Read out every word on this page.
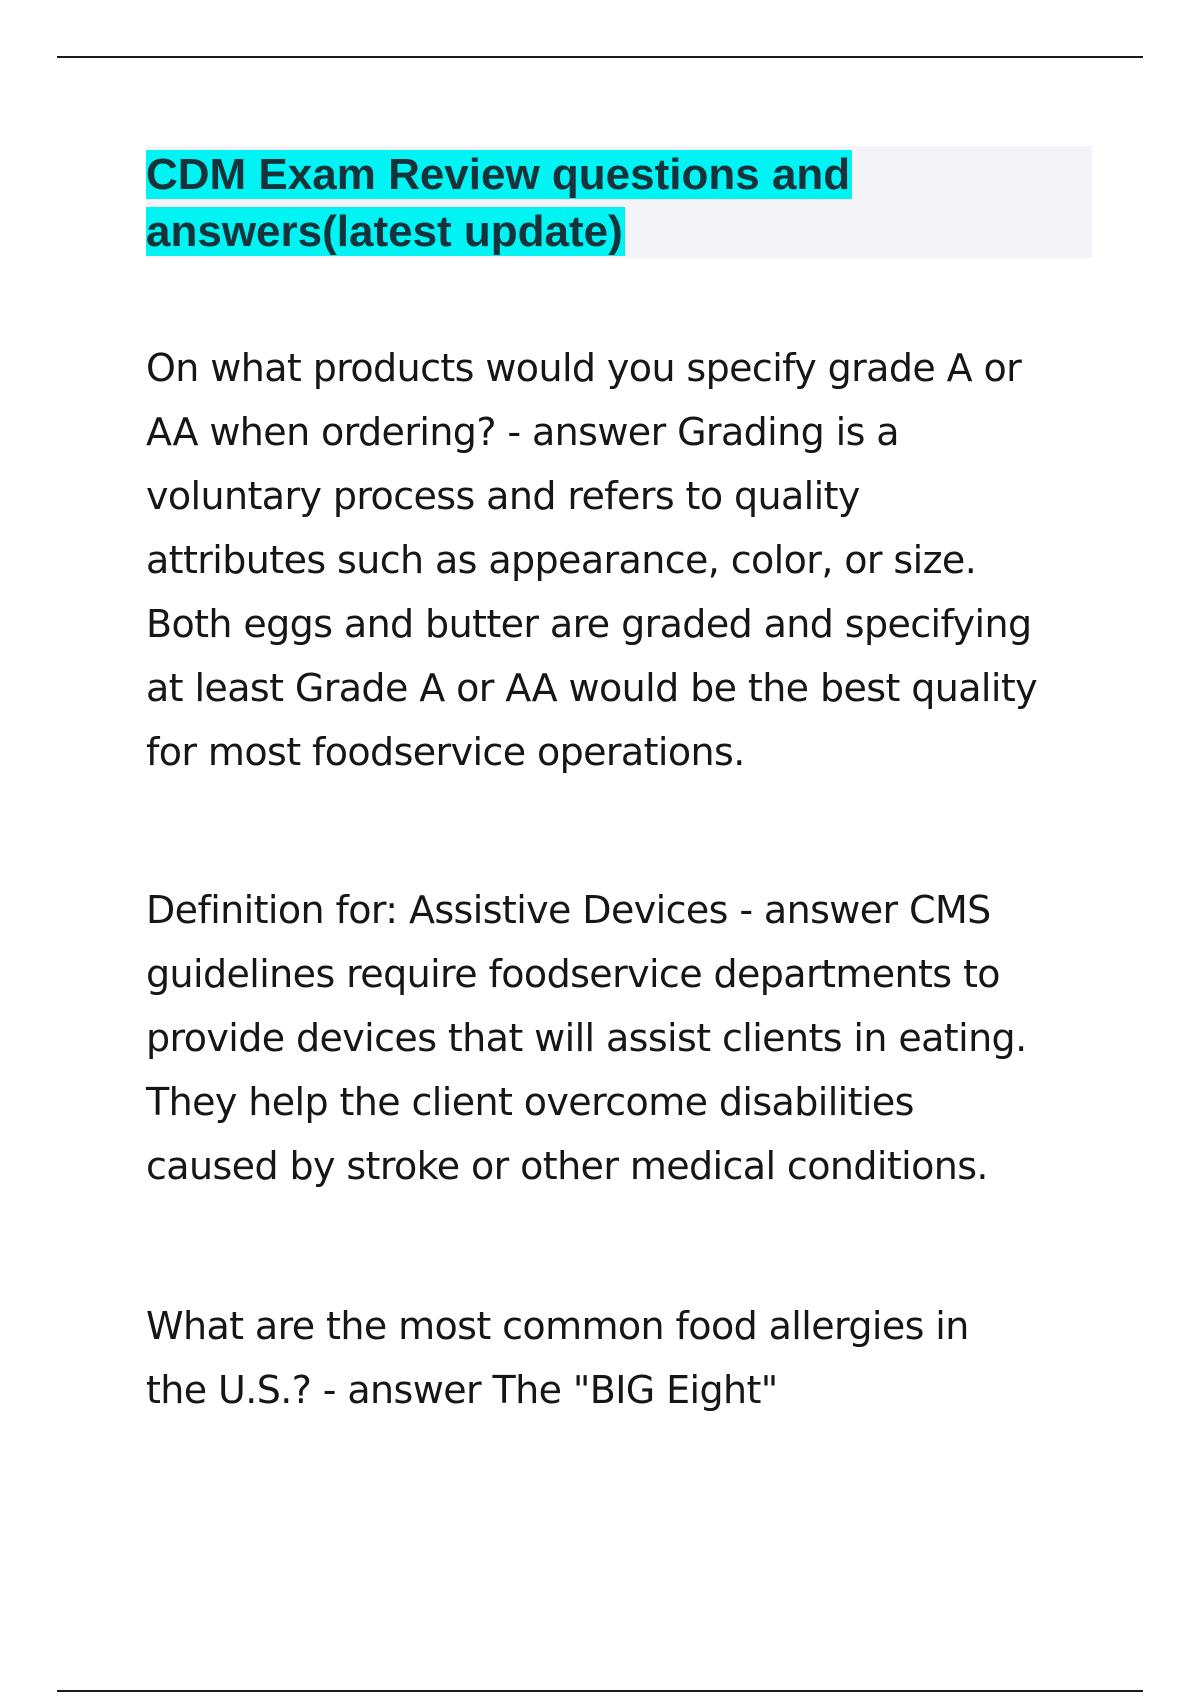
CDM Exam Review questions and
answers(latest update)

On what products would you specify grade A or
AA when ordering? - answer Grading is a
voluntary process and refers to quality
attributes such as appearance, color, or size.
Both eggs and butter are graded and specifying
at least Grade A or AA would be the best quality
for most foodservice operations.

Definition for: Assistive Devices - answer CMS
guidelines require foodservice departments to
provide devices that will assist clients in eating.
They help the client overcome disabilities
caused by stroke or other medical conditions.

What are the most common food allergies in
the U.S.? - answer The "BIG Eight"
